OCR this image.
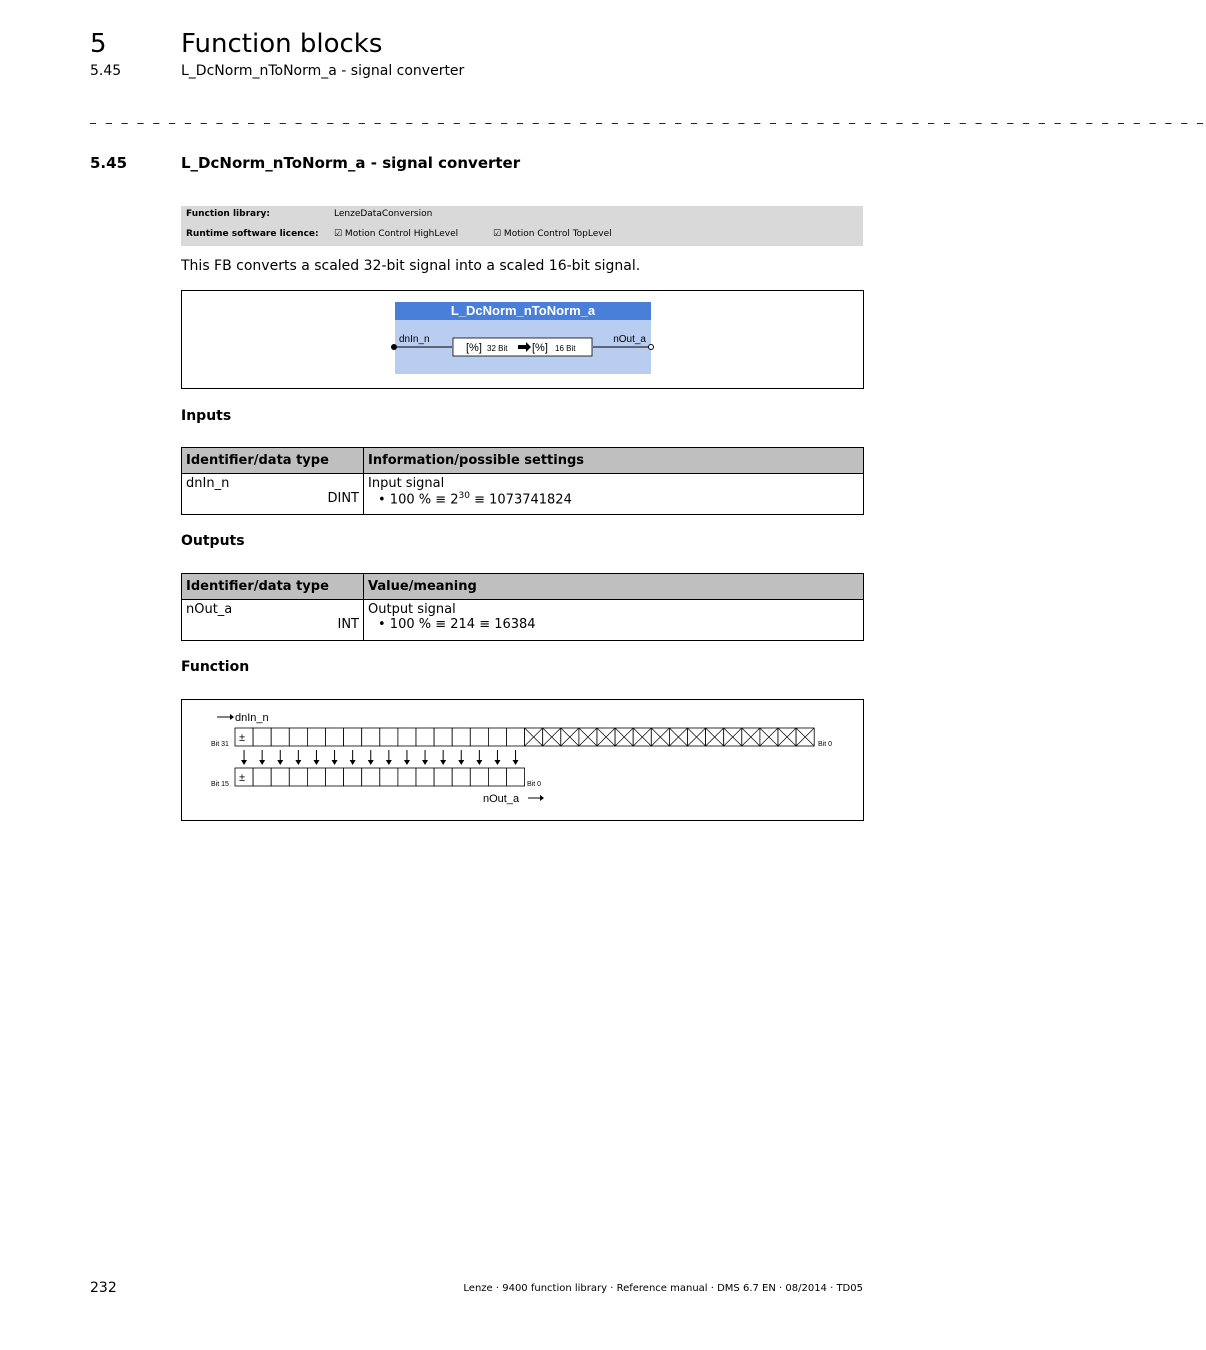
5	Function blocks
5.45	L_DcNorm_nToNorm_a - signal converter
_ _ _ _ _ _ _ _ _ _ _ _ _ _ _ _ _ _ _ _ _ _ _ _ _ _ _ _ _ _ _ _ _ _ _ _ _ _ _ _ _ _ _ _ _ _ _ _ _ _ _ _ _ _ _ _ _ _ _ _ _ _ _ _ _ _ _ _ _ _ _
5.45	L_DcNorm_nToNorm_a - signal converter
Function library:	LenzeDataConversion
Runtime software licence: ☑ Motion Control HighLevel	☑ Motion Control TopLevel
This FB converts a scaled 32-bit signal into a scaled 16-bit signal.
L_DcNorm_nToNorm_a
dnIn_n	nOut_a
[%] 32 Bit [%] 16 Bit
Inputs
Identifier/data type	Information/possible settings
dnIn_n
DINT	Input signal
• 100 % ≡ $2^{30} \equiv 1073741824$
Outputs
Identifier/data type	Value/meaning
nOut_a
INT	Output signal
• 100 % ≡ 214 ≡ 16384
Function
dnIn_n
nOut_a
Bit 31	Bit 0
Bit 15	Bit 0
±
±
232	Lenze · 9400 function library · Reference manual · DMS 6.7 EN · 08/2014 · TD05
